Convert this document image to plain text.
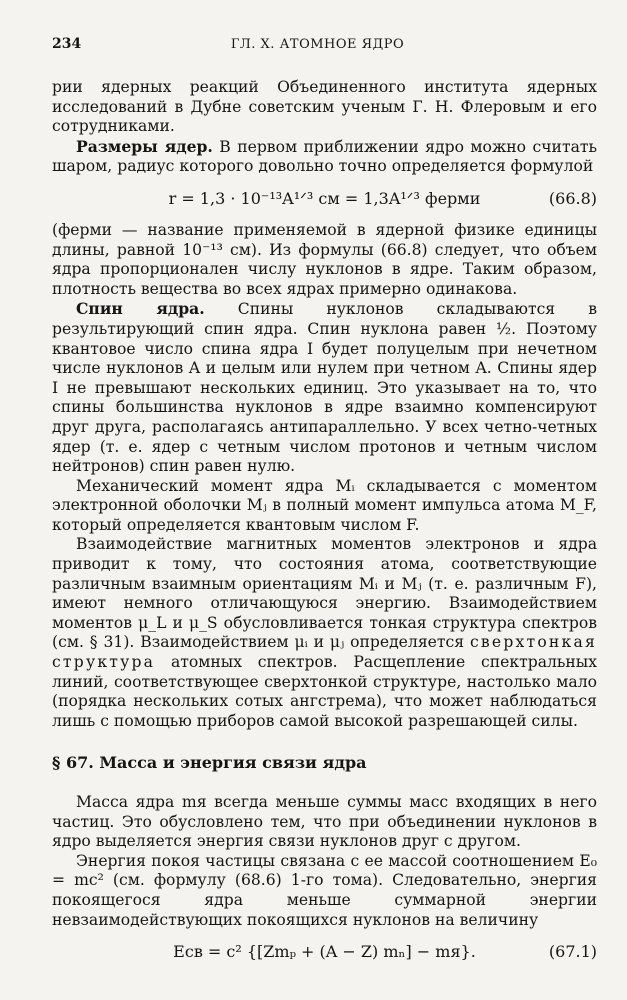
234	ГЛ. X. АТОМНОЕ ЯДРО

рии ядерных реакций Объединенного института ядерных исследований в Дубне советским ученым Г. Н. Флеровым и его сотрудниками.

Размеры ядер. В первом приближении ядро можно считать шаром, радиус которого довольно точно определяется формулой

r = 1,3 · 10⁻¹³A¹ᐟ³ см = 1,3A¹ᐟ³ ферми	(66.8)

(ферми — название применяемой в ядерной физике единицы длины, равной 10⁻¹³ см). Из формулы (66.8) следует, что объем ядра пропорционален числу нуклонов в ядре. Таким образом, плотность вещества во всех ядрах примерно одинакова.

Спин ядра. Спины нуклонов складываются в результирующий спин ядра. Спин нуклона равен ½. Поэтому квантовое число спина ядра I будет полуцелым при нечетном числе нуклонов A и целым или нулем при четном A. Спины ядер I не превышают нескольких единиц. Это указывает на то, что спины большинства нуклонов в ядре взаимно компенсируют друг друга, располагаясь антипараллельно. У всех четно-четных ядер (т. е. ядер с четным числом протонов и четным числом нейтронов) спин равен нулю.

Механический момент ядра Mᵢ складывается с моментом электронной оболочки Mⱼ в полный момент импульса атома M_F, который определяется квантовым числом F.

Взаимодействие магнитных моментов электронов и ядра приводит к тому, что состояния атома, соответствующие различным взаимным ориентациям Mᵢ и Mⱼ (т. е. различным F), имеют немного отличающуюся энергию. Взаимодействием моментов μ_L и μ_S обусловливается тонкая структура спектров (см. § 31). Взаимодействием μᵢ и μⱼ определяется сверхтонкая структура атомных спектров. Расщепление спектральных линий, соответствующее сверхтонкой структуре, настолько мало (порядка нескольких сотых ангстрема), что может наблюдаться лишь с помощью приборов самой высокой разрешающей силы.

§ 67. Масса и энергия связи ядра

Масса ядра mя всегда меньше суммы масс входящих в него частиц. Это обусловлено тем, что при объединении нуклонов в ядро выделяется энергия связи нуклонов друг с другом.

Энергия покоя частицы связана с ее массой соотношением E₀ = mc² (см. формулу (68.6) 1-го тома). Следовательно, энергия покоящегося ядра меньше суммарной энергии невзаимодействующих покоящихся нуклонов на величину

Eсв = c² {[Zmₚ + (A − Z) mₙ] − mя}.	(67.1)
